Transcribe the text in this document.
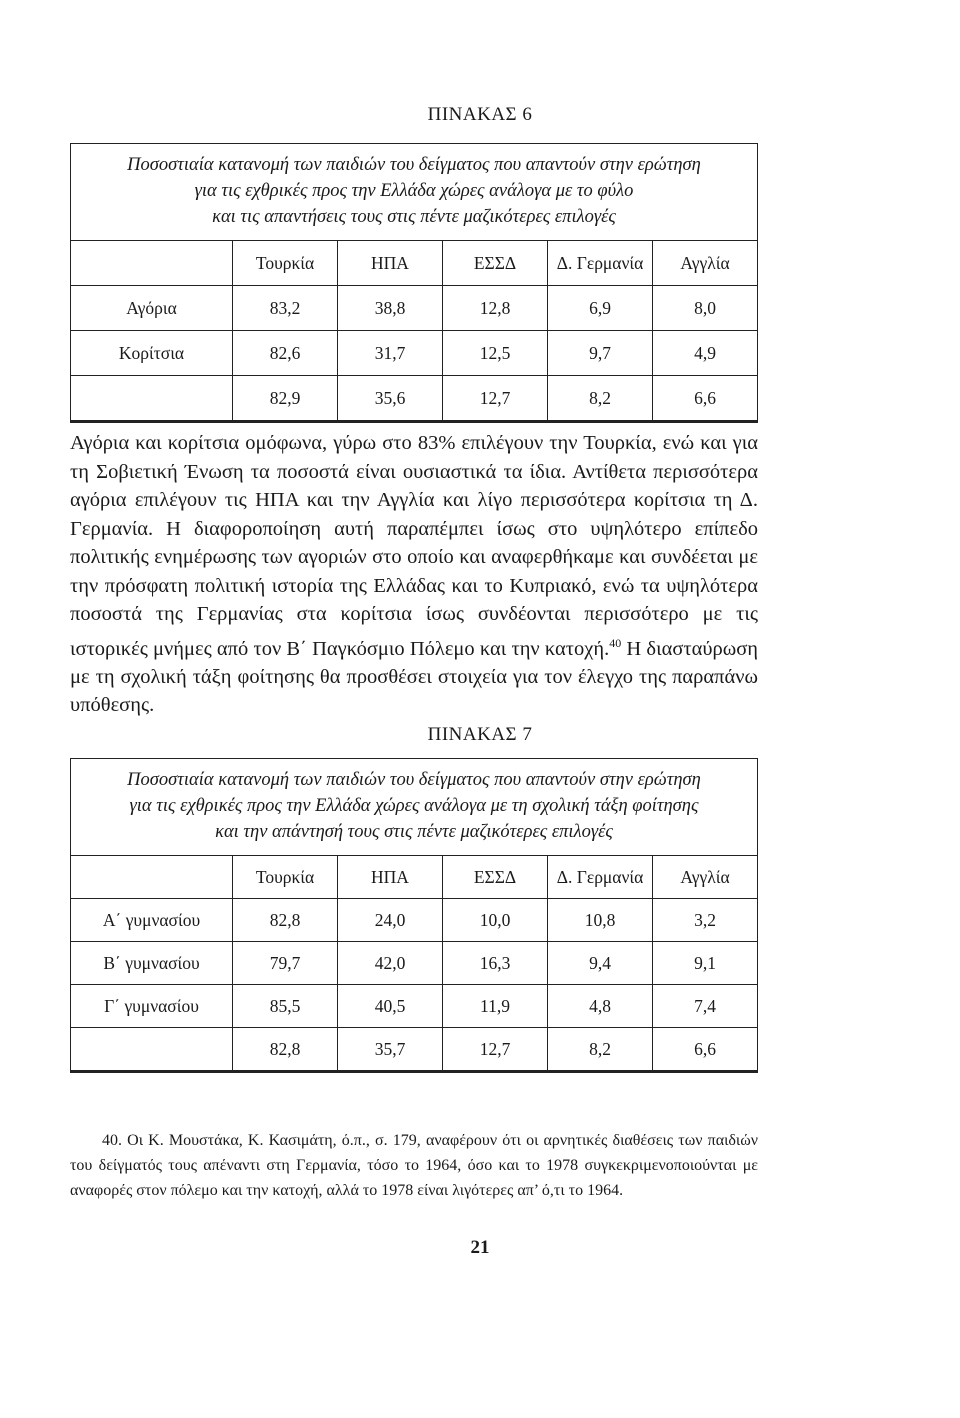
ΠΙΝΑΚΑΣ 6
Ποσοστιαία κατανομή των παιδιών του δείγματος που απαντούν στην ερώτηση
για τις εχθρικές προς την Ελλάδα χώρες ανάλογα με το φύλο
και τις απαντήσεις τους στις πέντε μαζικότερες επιλογές
	Τουρκία	ΗΠΑ	ΕΣΣΔ	Δ. Γερμανία	Αγγλία
Αγόρια	83,2	38,8	12,8	6,9	8,0
Κορίτσια	82,6	31,7	12,5	9,7	4,9
	82,9	35,6	12,7	8,2	6,6
Αγόρια και κορίτσια ομόφωνα, γύρω στο 83% επιλέγουν την Τουρκία, ενώ και για τη Σοβιετική Ένωση τα ποσοστά είναι ουσιαστικά τα ίδια. Αντίθετα περισσότερα αγόρια επιλέγουν τις ΗΠΑ και την Αγγλία και λίγο περισσότερα κορίτσια τη Δ. Γερμανία. Η διαφοροποίηση αυτή παραπέμπει ίσως στο υψηλότερο επίπεδο πολιτικής ενημέρωσης των αγοριών στο οποίο και αναφερθήκαμε και συνδέεται με την πρόσφατη πολιτική ιστορία της Ελλάδας και το Κυπριακό, ενώ τα υψηλότερα ποσοστά της Γερμανίας στα κορίτσια ίσως συνδέονται περισσότερο με τις ιστορικές μνήμες από τον Β΄ Παγκόσμιο Πόλεμο και την κατοχή.$^{40}$ Η διασταύρωση με τη σχολική τάξη φοίτησης θα προσθέσει στοιχεία για τον έλεγχο της παραπάνω υπόθεσης.
ΠΙΝΑΚΑΣ 7
Ποσοστιαία κατανομή των παιδιών του δείγματος που απαντούν στην ερώτηση
για τις εχθρικές προς την Ελλάδα χώρες ανάλογα με τη σχολική τάξη φοίτησης
και την απάντησή τους στις πέντε μαζικότερες επιλογές
	Τουρκία	ΗΠΑ	ΕΣΣΔ	Δ. Γερμανία	Αγγλία
Α΄ γυμνασίου	82,8	24,0	10,0	10,8	3,2
Β΄ γυμνασίου	79,7	42,0	16,3	9,4	9,1
Γ΄ γυμνασίου	85,5	40,5	11,9	4,8	7,4
	82,8	35,7	12,7	8,2	6,6
40. Οι Κ. Μουστάκα, Κ. Κασιμάτη, ό.π., σ. 179, αναφέρουν ότι οι αρνητικές διαθέσεις των παιδιών του δείγματός τους απέναντι στη Γερμανία, τόσο το 1964, όσο και το 1978 συγκεκριμενοποιούνται με αναφορές στον πόλεμο και την κατοχή, αλλά το 1978 είναι λιγότερες απ’ ό,τι το 1964.
21
